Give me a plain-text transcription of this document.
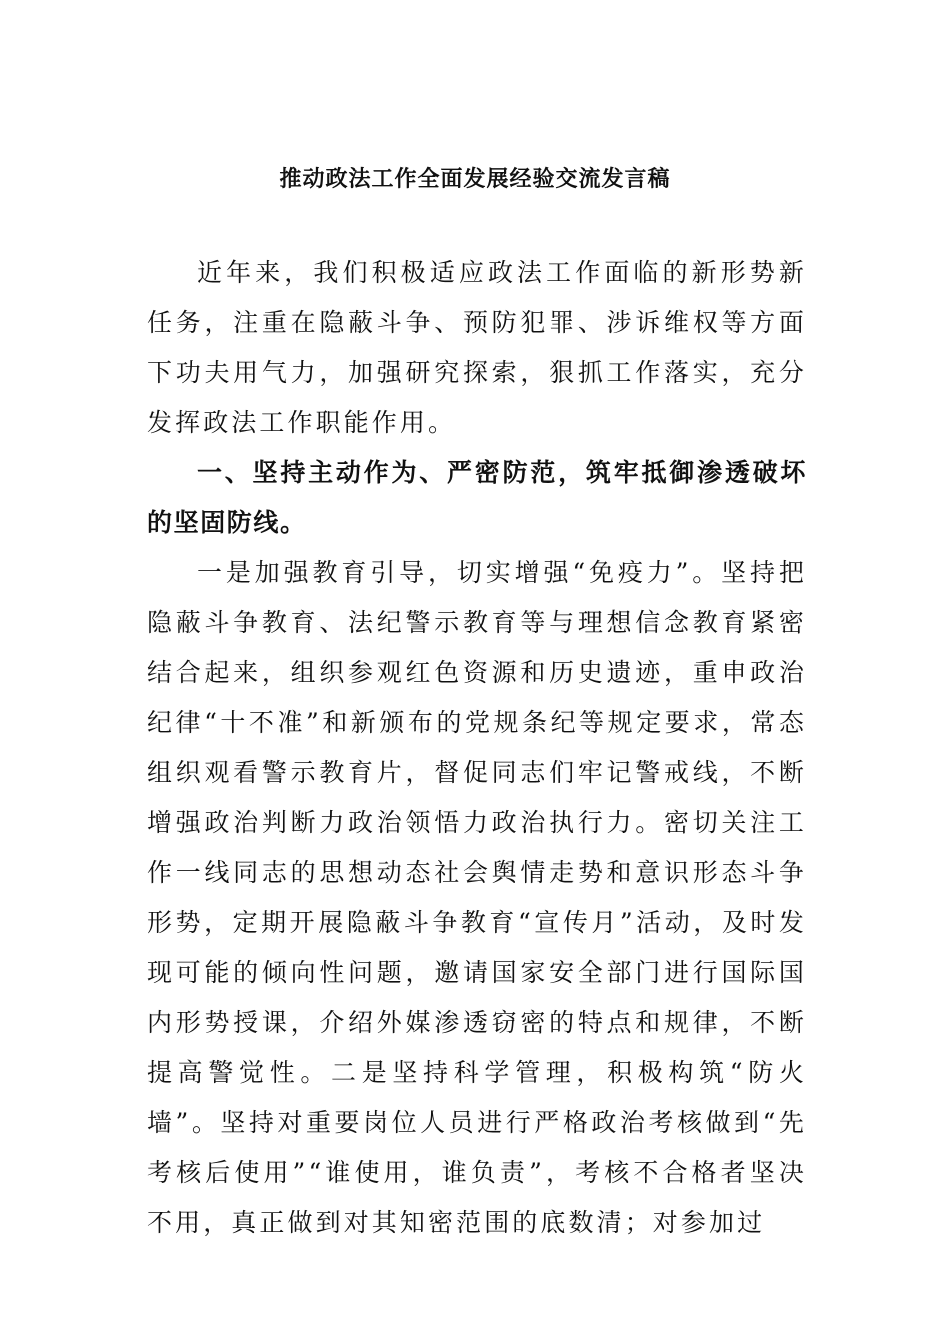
推动政法工作全面发展经验交流发言稿

近年来，我们积极适应政法工作面临的新形势新任务，注重在隐蔽斗争、预防犯罪、涉诉维权等方面下功夫用气力，加强研究探索，狠抓工作落实，充分发挥政法工作职能作用。

一、坚持主动作为、严密防范，筑牢抵御渗透破坏的坚固防线。

一是加强教育引导，切实增强“免疫力”。坚持把隐蔽斗争教育、法纪警示教育等与理想信念教育紧密结合起来，组织参观红色资源和历史遗迹，重申政治纪律“十不准”和新颁布的党规条纪等规定要求，常态组织观看警示教育片，督促同志们牢记警戒线，不断增强政治判断力政治领悟力政治执行力。密切关注工作一线同志的思想动态社会舆情走势和意识形态斗争形势，定期开展隐蔽斗争教育“宣传月”活动，及时发现可能的倾向性问题，邀请国家安全部门进行国际国内形势授课，介绍外媒渗透窃密的特点和规律，不断提高警觉性。二是坚持科学管理，积极构筑“防火墙”。坚持对重要岗位人员进行严格政治考核做到“先考核后使用”“谁使用，谁负责”，考核不合格者坚决不用，真正做到对其知密范围的底数清；对参加过
